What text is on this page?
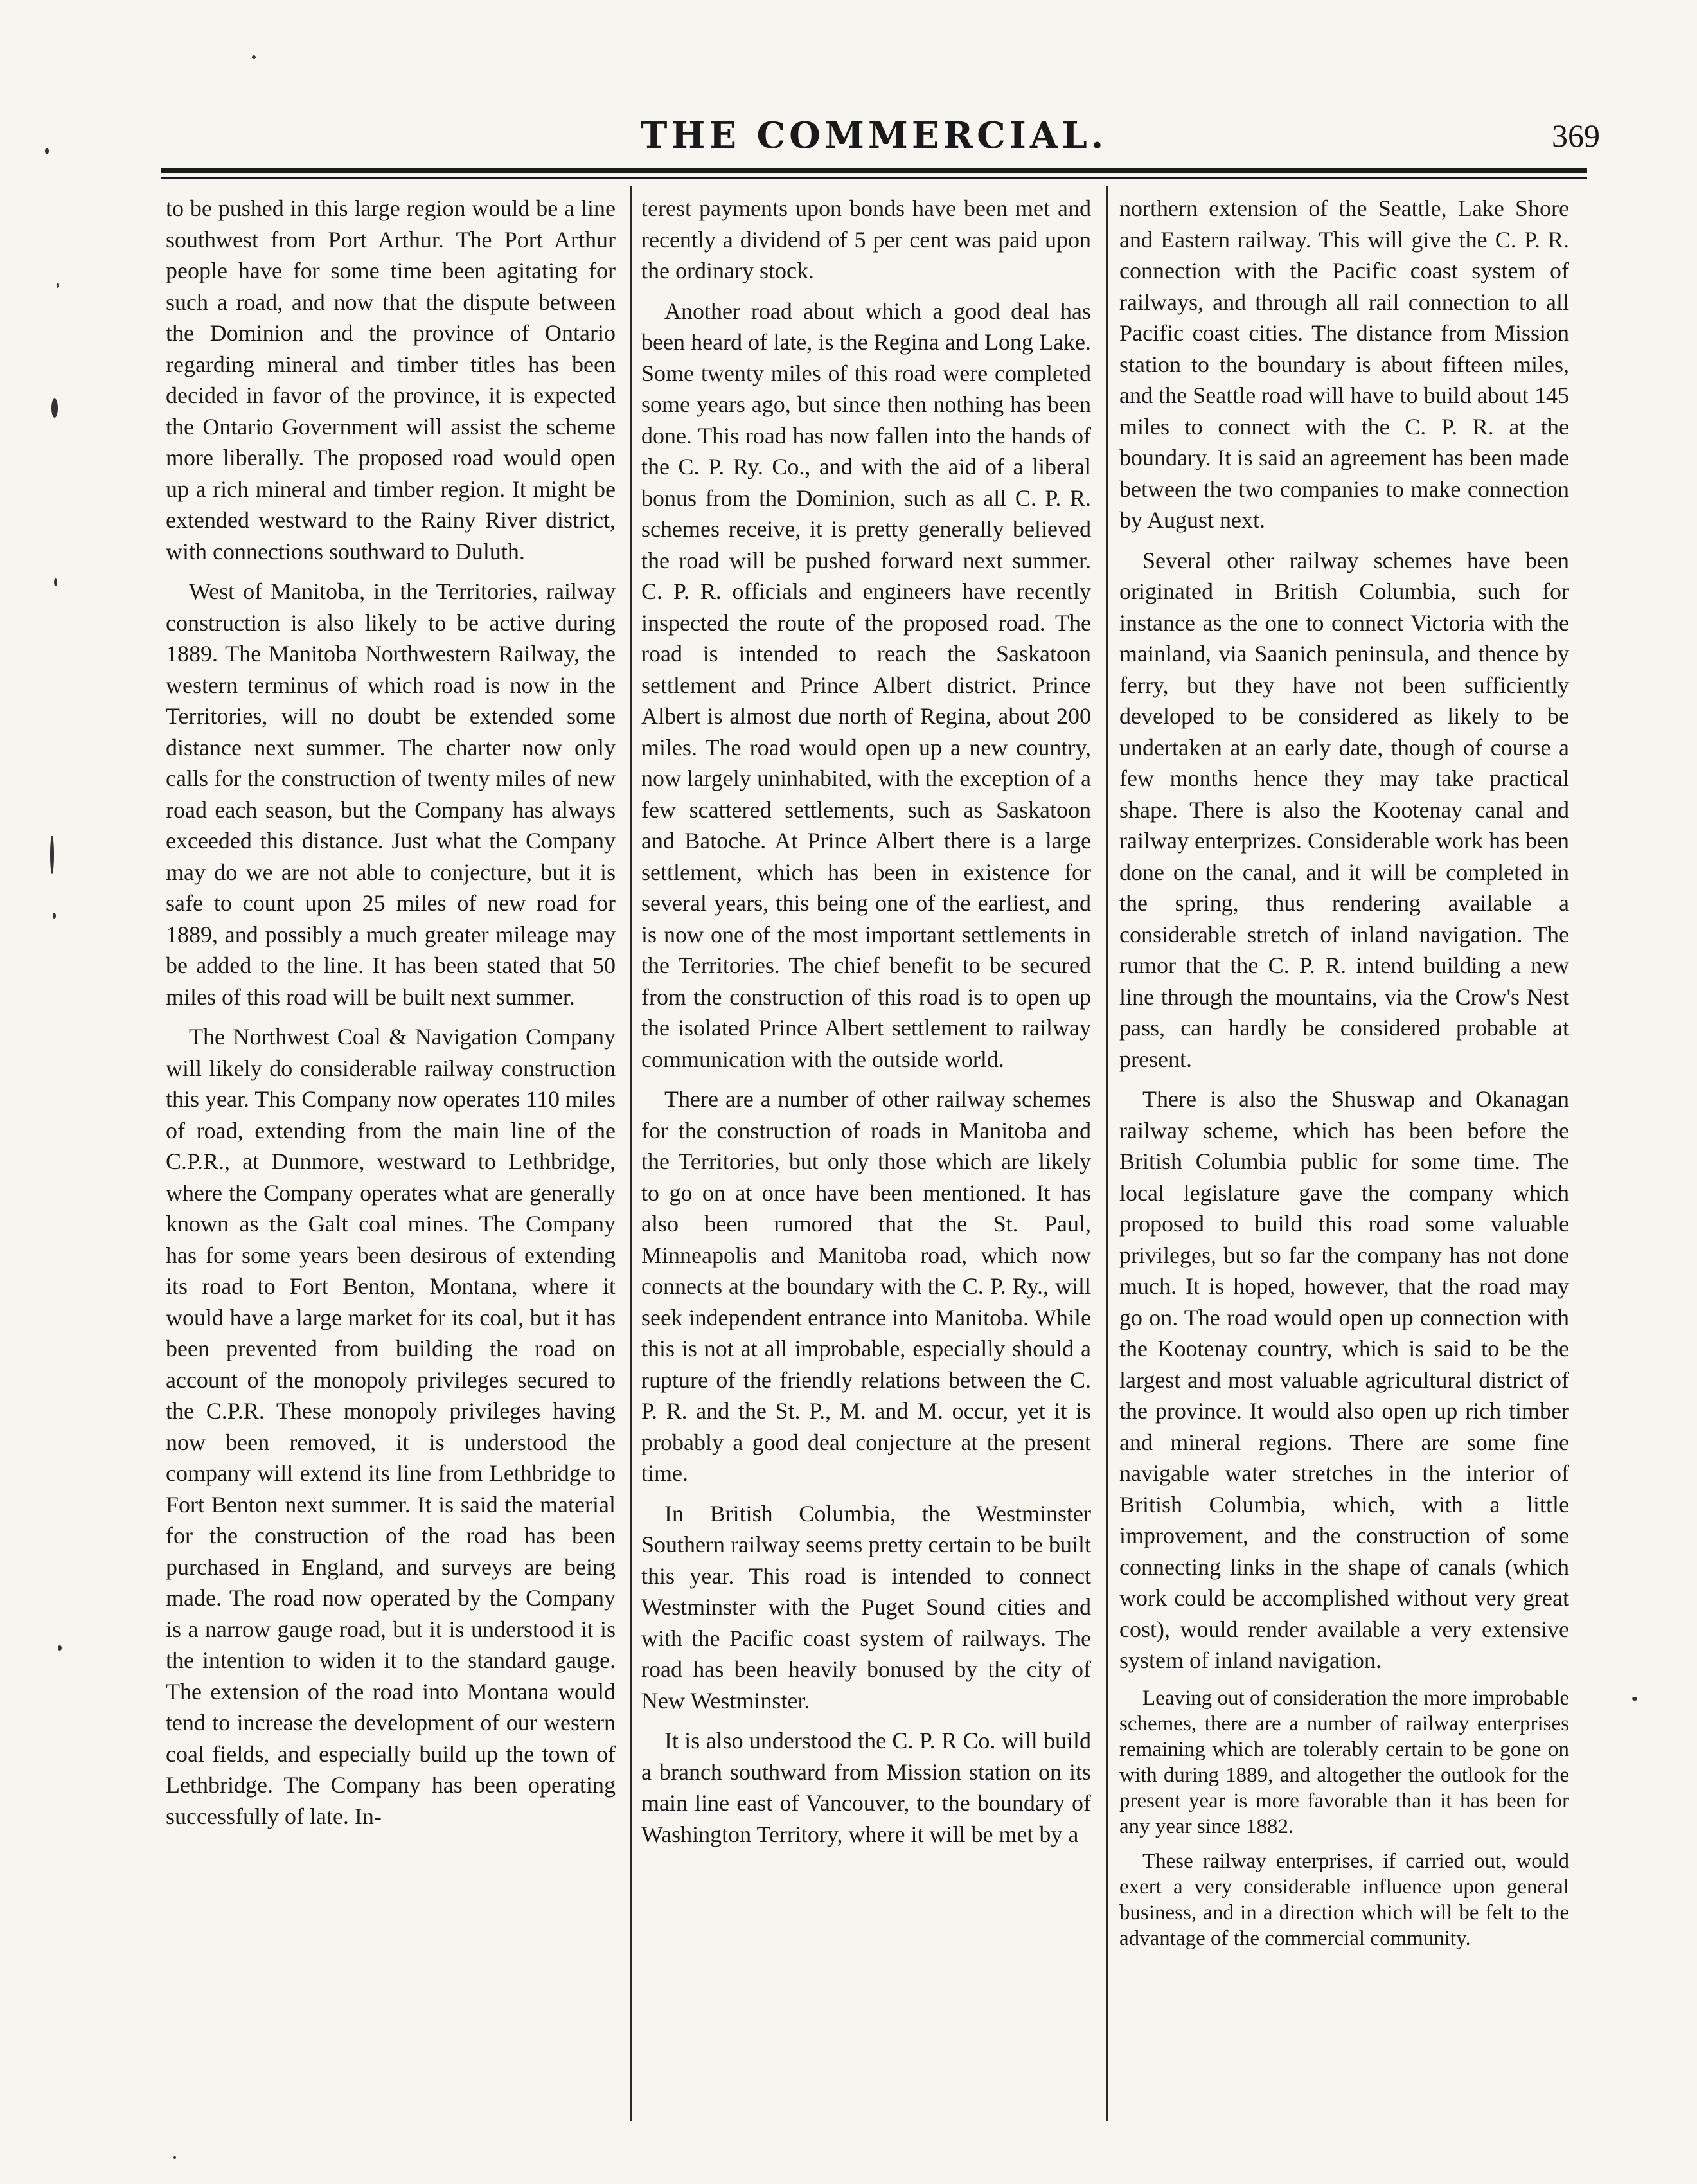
THE COMMERCIAL.	369

to be pushed in this large region would be a line southwest from Port Arthur. The Port Arthur people have for some time been agitating for such a road, and now that the dispute between the Dominion and the province of Ontario regarding mineral and timber titles has been decided in favor of the province, it is expected the Ontario Government will assist the scheme more liberally. The proposed road would open up a rich mineral and timber region. It might be extended westward to the Rainy River district, with connections southward to Duluth.

West of Manitoba, in the Territories, railway construction is also likely to be active during 1889. The Manitoba Northwestern Railway, the western terminus of which road is now in the Territories, will no doubt be extended some distance next summer. The charter now only calls for the construction of twenty miles of new road each season, but the Company has always exceeded this distance. Just what the Company may do we are not able to conjecture, but it is safe to count upon 25 miles of new road for 1889, and possibly a much greater mileage may be added to the line. It has been stated that 50 miles of this road will be built next summer.

The Northwest Coal & Navigation Company will likely do considerable railway construction this year. This Company now operates 110 miles of road, extending from the main line of the C.P.R., at Dunmore, westward to Lethbridge, where the Company operates what are generally known as the Galt coal mines. The Company has for some years been desirous of extending its road to Fort Benton, Montana, where it would have a large market for its coal, but it has been prevented from building the road on account of the monopoly privileges secured to the C.P.R. These monopoly privileges having now been removed, it is understood the company will extend its line from Lethbridge to Fort Benton next summer. It is said the material for the construction of the road has been purchased in England, and surveys are being made. The road now operated by the Company is a narrow gauge road, but it is understood it is the intention to widen it to the standard gauge. The extension of the road into Montana would tend to increase the development of our western coal fields, and especially build up the town of Lethbridge. The Company has been operating successfully of late. In-

terest payments upon bonds have been met and recently a dividend of 5 per cent was paid upon the ordinary stock.

Another road about which a good deal has been heard of late, is the Regina and Long Lake. Some twenty miles of this road were completed some years ago, but since then nothing has been done. This road has now fallen into the hands of the C. P. Ry. Co., and with the aid of a liberal bonus from the Dominion, such as all C. P. R. schemes receive, it is pretty generally believed the road will be pushed forward next summer. C. P. R. officials and engineers have recently inspected the route of the proposed road. The road is intended to reach the Saskatoon settlement and Prince Albert district. Prince Albert is almost due north of Regina, about 200 miles. The road would open up a new country, now largely uninhabited, with the exception of a few scattered settlements, such as Saskatoon and Batoche. At Prince Albert there is a large settlement, which has been in existence for several years, this being one of the earliest, and is now one of the most important settlements in the Territories. The chief benefit to be secured from the construction of this road is to open up the isolated Prince Albert settlement to railway communication with the outside world.

There are a number of other railway schemes for the construction of roads in Manitoba and the Territories, but only those which are likely to go on at once have been mentioned. It has also been rumored that the St. Paul, Minneapolis and Manitoba road, which now connects at the boundary with the C. P. Ry., will seek independent entrance into Manitoba. While this is not at all improbable, especially should a rupture of the friendly relations between the C. P. R. and the St. P., M. and M. occur, yet it is probably a good deal conjecture at the present time.

In British Columbia, the Westminster Southern railway seems pretty certain to be built this year. This road is intended to connect Westminster with the Puget Sound cities and with the Pacific coast system of railways. The road has been heavily bonused by the city of New Westminster.

It is also understood the C. P. R Co. will build a branch southward from Mission station on its main line east of Vancouver, to the boundary of Washington Territory, where it will be met by a

northern extension of the Seattle, Lake Shore and Eastern railway. This will give the C. P. R. connection with the Pacific coast system of railways, and through all rail connection to all Pacific coast cities. The distance from Mission station to the boundary is about fifteen miles, and the Seattle road will have to build about 145 miles to connect with the C. P. R. at the boundary. It is said an agreement has been made between the two companies to make connection by August next.

Several other railway schemes have been originated in British Columbia, such for instance as the one to connect Victoria with the mainland, via Saanich peninsula, and thence by ferry, but they have not been sufficiently developed to be considered as likely to be undertaken at an early date, though of course a few months hence they may take practical shape. There is also the Kootenay canal and railway enterprizes. Considerable work has been done on the canal, and it will be completed in the spring, thus rendering available a considerable stretch of inland navigation. The rumor that the C. P. R. intend building a new line through the mountains, via the Crow's Nest pass, can hardly be considered probable at present.

There is also the Shuswap and Okanagan railway scheme, which has been before the British Columbia public for some time. The local legislature gave the company which proposed to build this road some valuable privileges, but so far the company has not done much. It is hoped, however, that the road may go on. The road would open up connection with the Kootenay country, which is said to be the largest and most valuable agricultural district of the province. It would also open up rich timber and mineral regions. There are some fine navigable water stretches in the interior of British Columbia, which, with a little improvement, and the construction of some connecting links in the shape of canals (which work could be accomplished without very great cost), would render available a very extensive system of inland navigation.

Leaving out of consideration the more improbable schemes, there are a number of railway enterprises remaining which are tolerably certain to be gone on with during 1889, and altogether the outlook for the present year is more favorable than it has been for any year since 1882.

These railway enterprises, if carried out, would exert a very considerable influence upon general business, and in a direction which will be felt to the advantage of the commercial community.
